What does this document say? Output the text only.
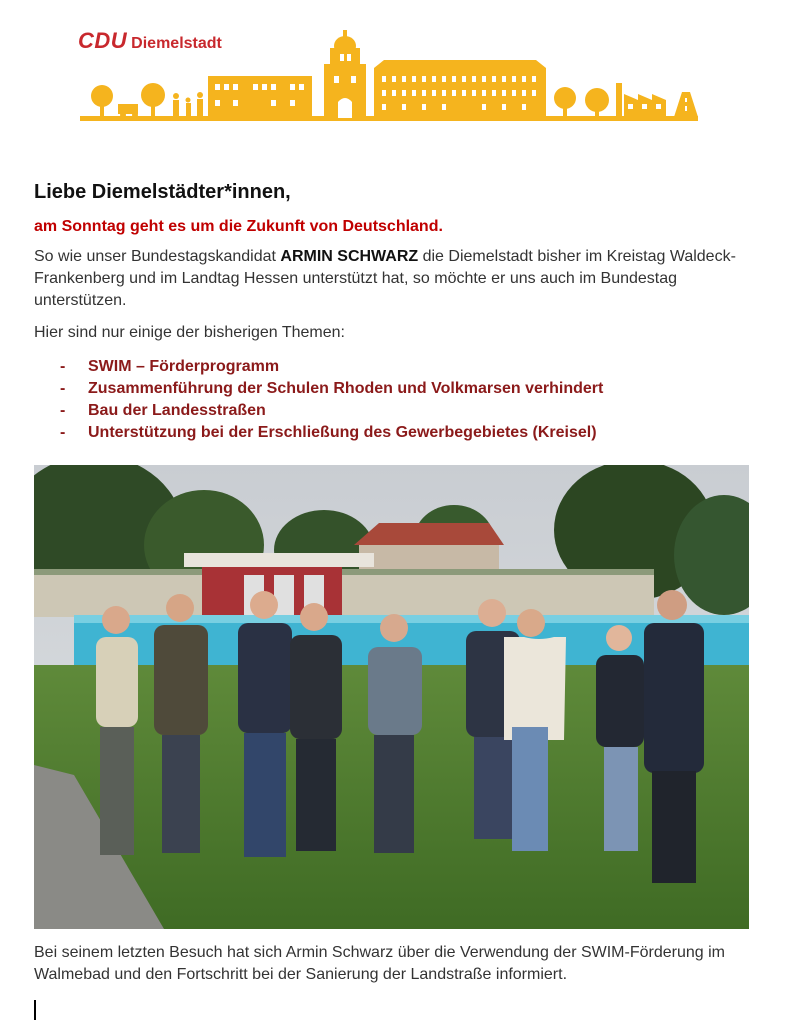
CDU Diemelstadt
Liebe Diemelstädter*innen,

am Sonntag geht es um die Zukunft von Deutschland.

So wie unser Bundestagskandidat ARMIN SCHWARZ die Diemelstadt bisher im Kreistag Waldeck-Frankenberg und im Landtag Hessen unterstützt hat, so möchte er uns auch im Bundestag unterstützen.

Hier sind nur einige der bisherigen Themen:

- SWIM – Förderprogramm
- Zusammenführung der Schulen Rhoden und Volkmarsen verhindert
- Bau der Landesstraßen
- Unterstützung bei der Erschließung des Gewerbegebietes (Kreisel)

Bei seinem letzten Besuch hat sich Armin Schwarz über die Verwendung der SWIM-Förderung im Walmebad und den Fortschritt bei der Sanierung der Landstraße informiert.
